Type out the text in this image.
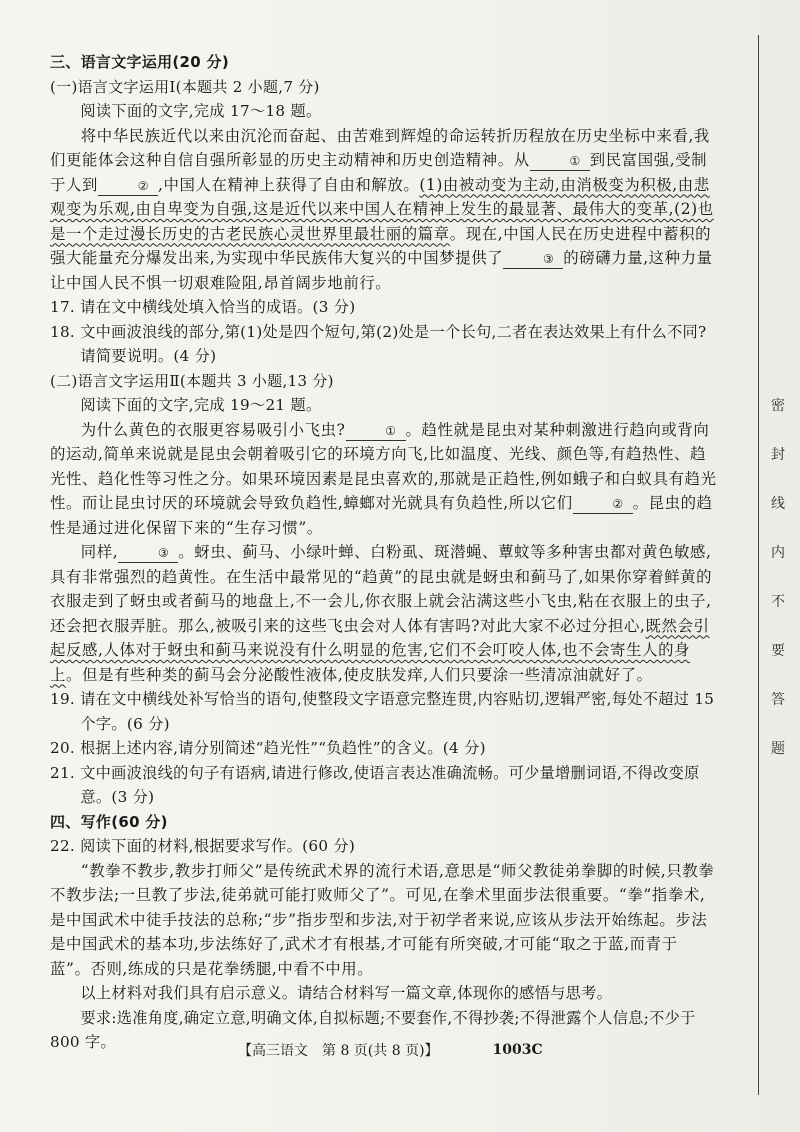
三、语言文字运用(20 分)

(一)语言文字运用Ⅰ(本题共 2 小题,7 分)

阅读下面的文字,完成 17～18 题。

将中华民族近代以来由沉沦而奋起、由苦难到辉煌的命运转折历程放在历史坐标中来看,我们更能体会这种自信自强所彰显的历史主动精神和历史创造精神。从	① 到民富国强,受制于人到	② ,中国人在精神上获得了自由和解放。(1)由被动变为主动,由消极变为积极,由悲观变为乐观,由自卑变为自强,这是近代以来中国人在精神上发生的最显著、最伟大的变革,(2)也是一个走过漫长历史的古老民族心灵世界里最壮丽的篇章。现在,中国人民在历史进程中蓄积的强大能量充分爆发出来,为实现中华民族伟大复兴的中国梦提供了	③ 的磅礴力量,这种力量让中国人民不惧一切艰难险阻,昂首阔步地前行。

17. 请在文中横线处填入恰当的成语。(3 分)

18. 文中画波浪线的部分,第(1)处是四个短句,第(2)处是一个长句,二者在表达效果上有什么不同?请简要说明。(4 分)

(二)语言文字运用Ⅱ(本题共 3 小题,13 分)

阅读下面的文字,完成 19～21 题。

为什么黄色的衣服更容易吸引小飞虫?	① 。趋性就是昆虫对某种刺激进行趋向或背向的运动,简单来说就是昆虫会朝着吸引它的环境方向飞,比如温度、光线、颜色等,有趋热性、趋光性、趋化性等习性之分。如果环境因素是昆虫喜欢的,那就是正趋性,例如蛾子和白蚁具有趋光性。而让昆虫讨厌的环境就会导致负趋性,蟑螂对光就具有负趋性,所以它们	② 。昆虫的趋性是通过进化保留下来的“生存习惯”。

同样,	③ 。蚜虫、蓟马、小绿叶蝉、白粉虱、斑潜蝇、蕈蚊等多种害虫都对黄色敏感,具有非常强烈的趋黄性。在生活中最常见的“趋黄”的昆虫就是蚜虫和蓟马了,如果你穿着鲜黄的衣服走到了蚜虫或者蓟马的地盘上,不一会儿,你衣服上就会沾满这些小飞虫,粘在衣服上的虫子,还会把衣服弄脏。那么,被吸引来的这些飞虫会对人体有害吗?对此大家不必过分担心,既然会引起反感,人体对于蚜虫和蓟马来说没有什么明显的危害,它们不会叮咬人体,也不会寄生人的身上。但是有些种类的蓟马会分泌酸性液体,使皮肤发痒,人们只要涂一些清凉油就好了。

19. 请在文中横线处补写恰当的语句,使整段文字语意完整连贯,内容贴切,逻辑严密,每处不超过 15 个字。(6 分)

20. 根据上述内容,请分别简述“趋光性”“负趋性”的含义。(4 分)

21. 文中画波浪线的句子有语病,请进行修改,使语言表达准确流畅。可少量增删词语,不得改变原意。(3 分)

四、写作(60 分)

22. 阅读下面的材料,根据要求写作。(60 分)

“教拳不教步,教步打师父”是传统武术界的流行术语,意思是“师父教徒弟拳脚的时候,只教拳不教步法;一旦教了步法,徒弟就可能打败师父了”。可见,在拳术里面步法很重要。“拳”指拳术,是中国武术中徒手技法的总称;“步”指步型和步法,对于初学者来说,应该从步法开始练起。步法是中国武术的基本功,步法练好了,武术才有根基,才可能有所突破,才可能“取之于蓝,而青于蓝”。否则,练成的只是花拳绣腿,中看不中用。

以上材料对我们具有启示意义。请结合材料写一篇文章,体现你的感悟与思考。

要求:选准角度,确定立意,明确文体,自拟标题;不要套作,不得抄袭;不得泄露个人信息;不少于 800 字。

密
封
线
内
不
要
答
题
【高三语文　第 8 页(共 8 页)】	1003C
